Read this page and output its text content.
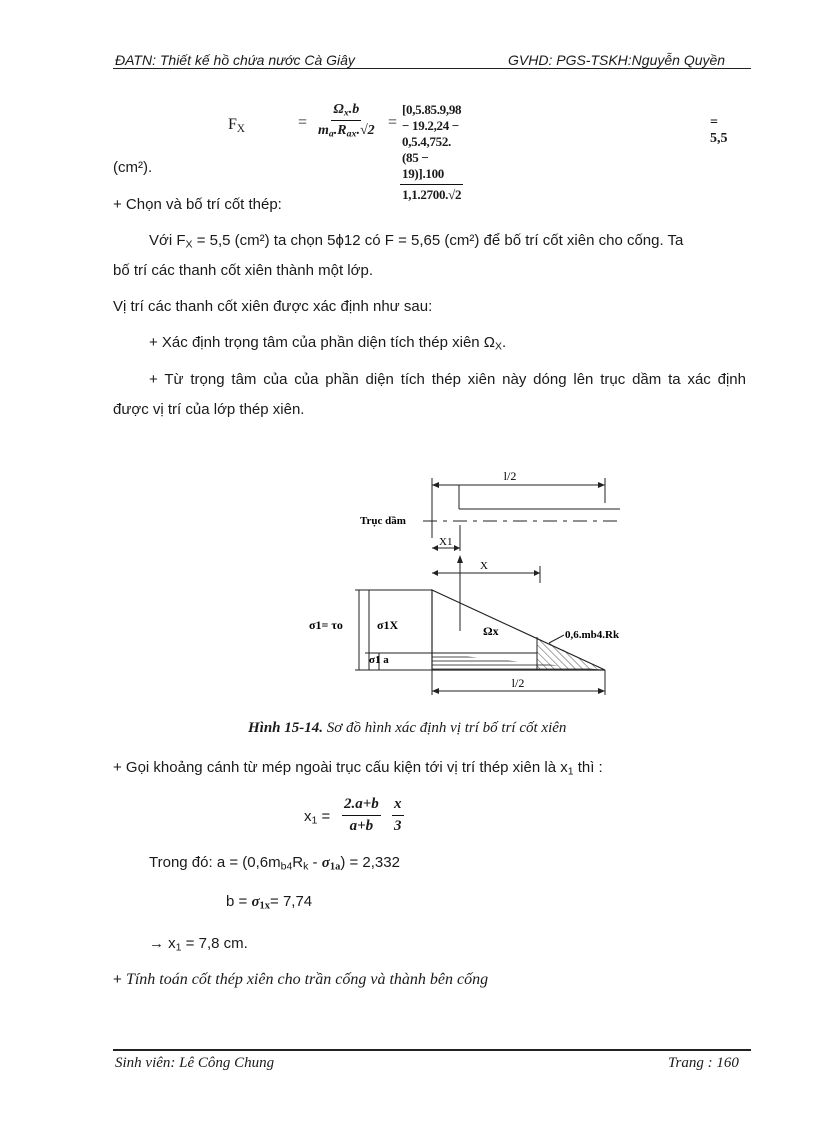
ĐATN: Thiết kế hồ chứa nước Cà Giây	GVHD: PGS-TSKH:Nguyễn Quyền
$F_X$	=
$\Omega_x.b$
$m_a.R_{ax}.√2 = \frac{[0,5.85.9,98 - 19.2,24 - 0,5.4,752.(85 - 19)].100}{1,1.2700.√2}$	= 5,5
(cm²).
+ Chọn và bố trí cốt thép:
Với $F_X = 5,5$ (cm²) ta chọn 5ϕ12 có F = 5,65 (cm²) để bố trí cốt xiên cho cống. Ta
bố trí các thanh cốt xiên thành một lớp.
Vị trí các thanh cốt xiên được xác định như sau:
+ Xác định trọng tâm của phần diện tích thép xiên $\Omega_X$.
+ Từ trọng tâm của của phần diện tích thép xiên này dóng lên trục dầm ta xác định
được vị trí của lớp thép xiên.
l/2
Trục dầm
X1
X
σ1= τo	σ1X
σ1 a
Ωx	0,6.mb4.Rk
l/2
Hình 15-14. Sơ đồ hình xác định vị trí bố trí cốt xiên
+ Gọi khoảng cánh từ mép ngoài trục cấu kiện tới vị trí thép xiên là $x_1$ thì :
$x_1 = \frac{2.a+b}{a+b} \frac{x}{3}$
Trong đó: $a = (0,6m_{b4}R_k - \sigma_{1a}) = 2,332$
$b = \sigma_{1x}= 7,74$
→ $x_1 = 7,8$ cm.
+ Tính toán cốt thép xiên cho trần cống và thành bên cống
Sinh viên: Lê Công Chung	Trang : 160
